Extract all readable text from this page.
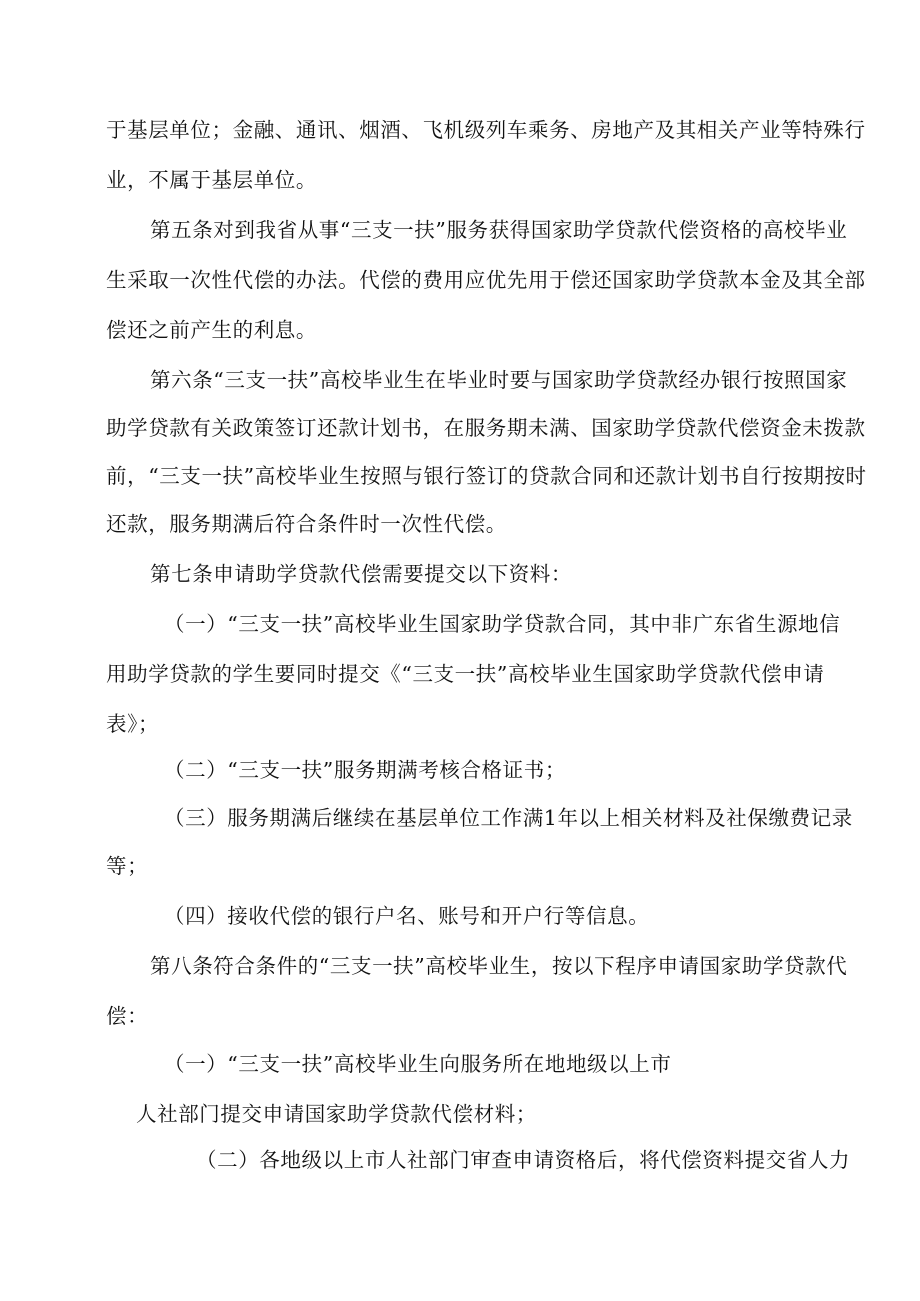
于基层单位；金融、通讯、烟酒、飞机级列车乘务、房地产及其相关产业等特殊行
业，不属于基层单位。
第五条对到我省从事“三支一扶”服务获得国家助学贷款代偿资格的高校毕业
生采取一次性代偿的办法。代偿的费用应优先用于偿还国家助学贷款本金及其全部
偿还之前产生的利息。
第六条“三支一扶”高校毕业生在毕业时要与国家助学贷款经办银行按照国家
助学贷款有关政策签订还款计划书，在服务期未满、国家助学贷款代偿资金未拨款
前，“三支一扶”高校毕业生按照与银行签订的贷款合同和还款计划书自行按期按时
还款，服务期满后符合条件时一次性代偿。
第七条申请助学贷款代偿需要提交以下资料：
（一）“三支一扶”高校毕业生国家助学贷款合同，其中非广东省生源地信
用助学贷款的学生要同时提交《“三支一扶”高校毕业生国家助学贷款代偿申请
表》；
（二）“三支一扶”服务期满考核合格证书；
（三）服务期满后继续在基层单位工作满1年以上相关材料及社保缴费记录
等；
（四）接收代偿的银行户名、账号和开户行等信息。
第八条符合条件的“三支一扶”高校毕业生，按以下程序申请国家助学贷款代
偿：
（一）“三支一扶”高校毕业生向服务所在地地级以上市
人社部门提交申请国家助学贷款代偿材料；
（二）各地级以上市人社部门审查申请资格后，将代偿资料提交省人力
